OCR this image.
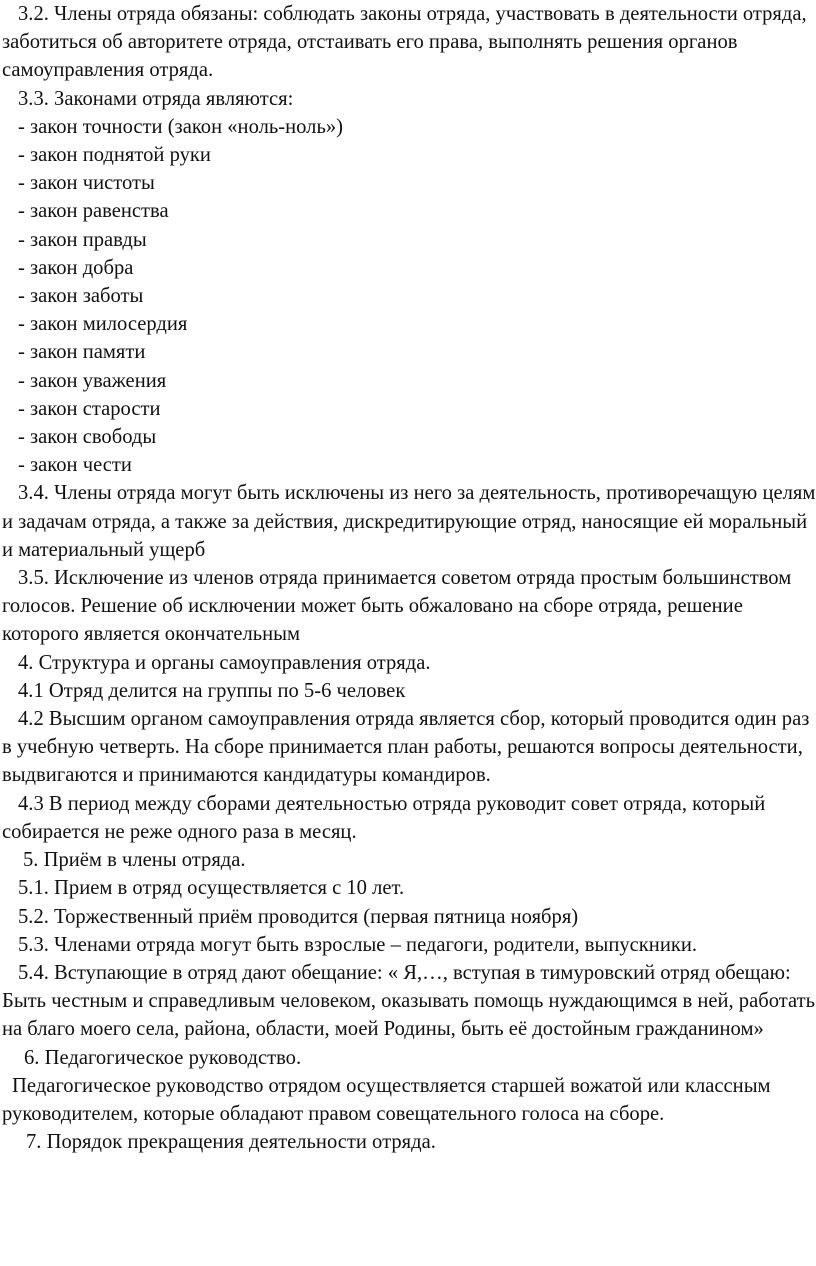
3.2. Члены отряда обязаны: соблюдать законы отряда, участвовать в деятельности отряда, заботиться об авторитете отряда, отстаивать его права, выполнять решения органов самоуправления отряда.

3.3. Законами отряда являются:

- закон точности (закон «ноль-ноль»)

- закон поднятой руки

- закон чистоты

- закон равенства

- закон правды

- закон добра

- закон заботы

- закон милосердия

- закон памяти

- закон уважения

- закон старости

- закон свободы

- закон чести

3.4. Члены отряда могут быть исключены из него за деятельность, противоречащую целям и задачам отряда, а также за действия, дискредитирующие отряд, наносящие ей моральный и материальный ущерб

3.5. Исключение из членов отряда принимается советом отряда простым большинством голосов. Решение об исключении может быть обжаловано на сборе отряда, решение которого является окончательным

4. Структура и органы самоуправления отряда.

4.1 Отряд делится на группы по 5-6 человек

4.2 Высшим органом самоуправления отряда является сбор, который проводится один раз в учебную четверть. На сборе принимается план работы, решаются вопросы деятельности, выдвигаются и принимаются кандидатуры командиров.

4.3 В период между сборами деятельностью отряда руководит совет отряда, который собирается не реже одного раза в месяц.

5. Приём в члены отряда.

5.1. Прием в отряд осуществляется с 10 лет.

5.2. Торжественный приём проводится (первая пятница ноября)

5.3. Членами отряда могут быть взрослые – педагоги, родители, выпускники.

5.4. Вступающие в отряд дают обещание: « Я,…, вступая в тимуровский отряд обещаю: Быть честным и справедливым человеком, оказывать помощь нуждающимся в ней, работать на благо моего села, района, области, моей Родины, быть её достойным гражданином»

6. Педагогическое руководство.

Педагогическое руководство отрядом осуществляется старшей вожатой или классным руководителем, которые обладают правом совещательного голоса на сборе.

7. Порядок прекращения деятельности отряда.
